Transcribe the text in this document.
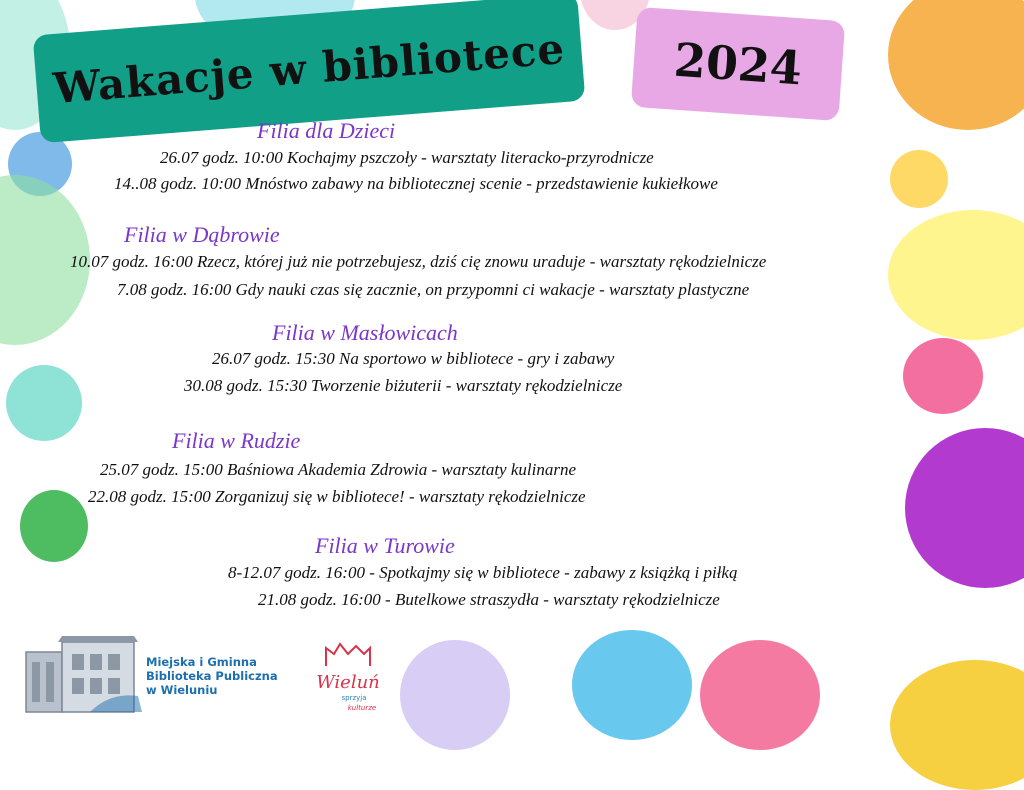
Wakacje w bibliotece 2024
Filia dla Dzieci
26.07 godz. 10:00 Kochajmy pszczoły - warsztaty literacko-przyrodnicze
14..08 godz. 10:00 Mnóstwo zabawy na bibliotecznej scenie - przedstawienie kukiełkowe
Filia w Dąbrowie
10.07 godz. 16:00 Rzecz, której już nie potrzebujesz, dziś cię znowu uraduje - warsztaty rękodzielnicze
7.08 godz. 16:00 Gdy nauki czas się zacznie, on przypomni ci wakacje - warsztaty plastyczne
Filia w Masłowicach
26.07 godz. 15:30 Na sportowo w bibliotece - gry i zabawy
30.08 godz. 15:30 Tworzenie biżuterii - warsztaty rękodzielnicze
Filia w Rudzie
25.07 godz. 15:00 Baśniowa Akademia Zdrowia - warsztaty kulinarne
22.08 godz. 15:00 Zorganizuj się w bibliotece! - warsztaty rękodzielnicze
Filia w Turowie
8-12.07 godz. 16:00 - Spotkajmy się w bibliotece - zabawy z książką i piłką
21.08 godz. 16:00 - Butelkowe straszydła - warsztaty rękodzielnicze
Miejska i Gminna
Biblioteka Publiczna
w Wieluniu	Wieluń
sprzyja
kulturze
